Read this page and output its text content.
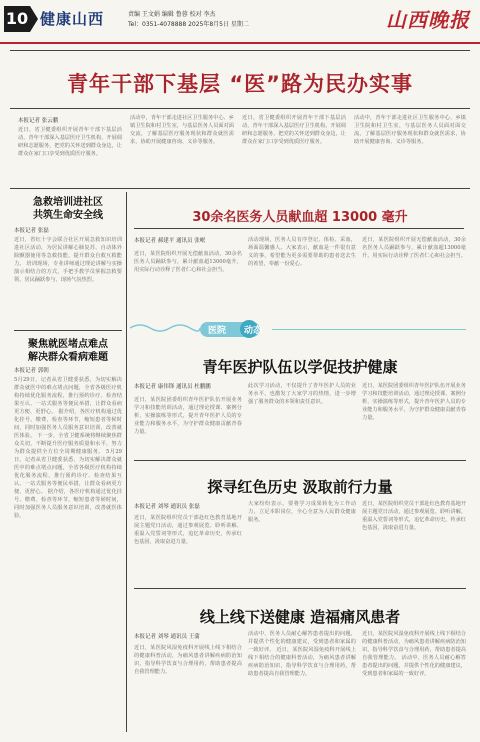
10 健康山西	责编 王文娟 编辑 鲁蓉 校对 李杰
Tel：0351-4078888 2025年8月5日 星期二	山西晚报
青年干部下基层 “医”路为民办实事
本报记者 张云鹏
近日，省卫健委组织开展青年干部下基层活动，青年干部深入基层医疗卫生机构，开展调研和志愿服务，把党的关怀送到群众身边，让群众在家门口享受到优质医疗服务。
活动中，青年干部走进社区卫生服务中心、乡镇卫生院和村卫生室，与基层医务人员面对面交流，了解基层医疗服务现状和群众就医需求，协助开展健康咨询、义诊等服务。
近日，省卫健委组织开展青年干部下基层活动，青年干部深入基层医疗卫生机构，开展调研和志愿服务，把党的关怀送到群众身边，让群众在家门口享受到优质医疗服务。
活动中，青年干部走进社区卫生服务中心、乡镇卫生院和村卫生室，与基层医务人员面对面交流，了解基层医疗服务现状和群众就医需求，协助开展健康咨询、义诊等服务。
急救培训进社区
共筑生命安全线
本报记者 张磊
近日，省红十字会联合社区开展急救知识培训进社区活动，为居民讲解心肺复苏、自动体外除颤器使用等急救技能，提升群众自救互救能力。 培训现场，专业讲师通过理论讲解与实操演示相结合的方式，手把手教学员掌握急救要领，居民踊跃参与，现场气氛热烈。
聚焦就医堵点难点
解决群众看病难题
本报记者 郭朝
5月29日，记者从省卫健委获悉，为切实解决群众就医中的难点堵点问题，全省各级医疗机构持续优化服务流程，推行预约诊疗、检查结果互认、一站式服务等便民举措，让群众看病更方便、更舒心。 据介绍，各医疗机构通过优化挂号、缴费、检查等环节，缩短患者等候时间，同时加强医务人员服务意识培训，改善就医体验。 下一步，全省卫健系统将继续聚焦群众关切，不断提升医疗服务质量和水平，努力为群众提供全方位全周期健康服务。 5月29日，记者从省卫健委获悉，为切实解决群众就医中的难点堵点问题，全省各级医疗机构持续优化服务流程，推行预约诊疗、检查结果互认、一站式服务等便民举措，让群众看病更方便、更舒心。 据介绍，各医疗机构通过优化挂号、缴费、检查等环节，缩短患者等候时间，同时加强医务人员服务意识培训，改善就医体验。
30余名医务人员献血超 13000 毫升
本报记者 郝建平 通讯员 张岷
近日，某医院组织开展无偿献血活动，30余名医务人员踊跃参与，累计献血超13000毫升，用实际行动诠释了医者仁心和社会担当。
活动现场，医务人员有序登记、体检、采血，场面温馨感人。大家表示，献血是一件很有意义的事，希望能为更多需要帮助的患者送去生的希望，奉献一份爱心。
近日，某医院组织开展无偿献血活动，30余名医务人员踊跃参与，累计献血超13000毫升，用实际行动诠释了医者仁心和社会担当。
医院 动态
青年医护队伍以学促技护健康
本报记者 康伟锋 通讯员 杜鹏鹏
近日，某医院团委组织青年医护队伍开展业务学习和技能培训活动，通过理论授课、案例分析、实操演练等形式，提升青年医护人员的专业能力和服务水平，为守护群众健康贡献青春力量。
此次学习活动，不仅提升了青年医护人员的业务水平，也激发了大家学习的热情，进一步增强了服务群众的本领和责任意识。
近日，某医院团委组织青年医护队伍开展业务学习和技能培训活动，通过理论授课、案例分析、实操演练等形式，提升青年医护人员的专业能力和服务水平，为守护群众健康贡献青春力量。
探寻红色历史 汲取前行力量
本报记者 刘琴 通讯员 张磊
近日，某医院组织党员干部赴红色教育基地开展主题党日活动，通过参观展览、聆听讲解、重温入党誓词等形式，追忆革命历史，传承红色基因，汲取奋进力量。
大家纷纷表示，要将学习成果转化为工作动力，立足本职岗位，全心全意为人民群众健康服务。
近日，某医院组织党员干部赴红色教育基地开展主题党日活动，通过参观展览、聆听讲解、重温入党誓词等形式，追忆革命历史，传承红色基因，汲取奋进力量。
线上线下送健康 造福痛风患者
本报记者 刘琴 通讯员 王蒲
近日，某医院风湿免疫科开展线上线下相结合的健康科普活动，为痛风患者讲解疾病防治知识，指导科学饮食与合理用药，帮助患者提高自我管理能力。
活动中，医务人员耐心解答患者提出的问题，并提供个性化的健康建议，受到患者和家属的一致好评。 近日，某医院风湿免疫科开展线上线下相结合的健康科普活动，为痛风患者讲解疾病防治知识，指导科学饮食与合理用药，帮助患者提高自我管理能力。
近日，某医院风湿免疫科开展线上线下相结合的健康科普活动，为痛风患者讲解疾病防治知识，指导科学饮食与合理用药，帮助患者提高自我管理能力。 活动中，医务人员耐心解答患者提出的问题，并提供个性化的健康建议，受到患者和家属的一致好评。
